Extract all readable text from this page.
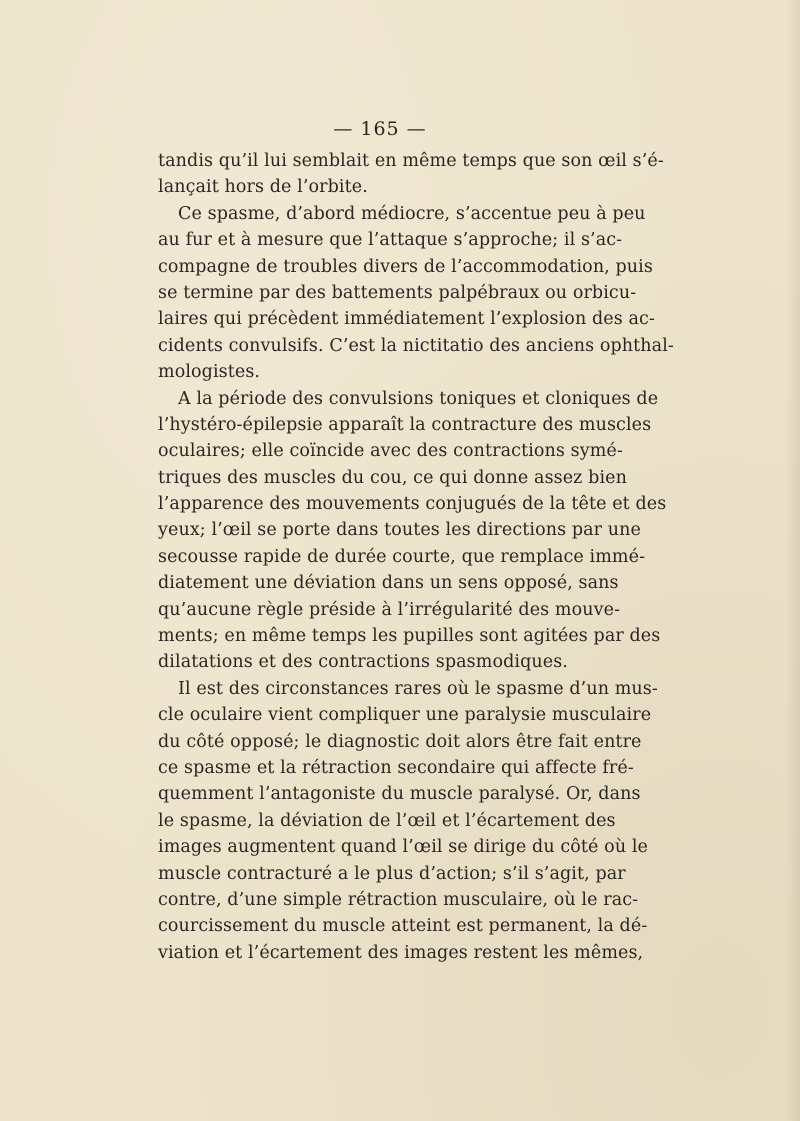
— 165 —
tandis qu’il lui semblait en même temps que son œil s’é-
lançait hors de l’orbite.
Ce spasme, d’abord médiocre, s’accentue peu à peu
au fur et à mesure que l’attaque s’approche; il s’ac-
compagne de troubles divers de l’accommodation, puis
se termine par des battements palpébraux ou orbicu-
laires qui précèdent immédiatement l’explosion des ac-
cidents convulsifs. C’est la nictitatio des anciens ophthal-
mologistes.
A la période des convulsions toniques et cloniques de
l’hystéro-épilepsie apparaît la contracture des muscles
oculaires; elle coïncide avec des contractions symé-
triques des muscles du cou, ce qui donne assez bien
l’apparence des mouvements conjugués de la tête et des
yeux; l’œil se porte dans toutes les directions par une
secousse rapide de durée courte, que remplace immé-
diatement une déviation dans un sens opposé, sans
qu’aucune règle préside à l’irrégularité des mouve-
ments; en même temps les pupilles sont agitées par des
dilatations et des contractions spasmodiques.
Il est des circonstances rares où le spasme d’un mus-
cle oculaire vient compliquer une paralysie musculaire
du côté opposé; le diagnostic doit alors être fait entre
ce spasme et la rétraction secondaire qui affecte fré-
quemment l’antagoniste du muscle paralysé. Or, dans
le spasme, la déviation de l’œil et l’écartement des
images augmentent quand l’œil se dirige du côté où le
muscle contracturé a le plus d’action; s’il s’agit, par
contre, d’une simple rétraction musculaire, où le rac-
courcissement du muscle atteint est permanent, la dé-
viation et l’écartement des images restent les mêmes,
